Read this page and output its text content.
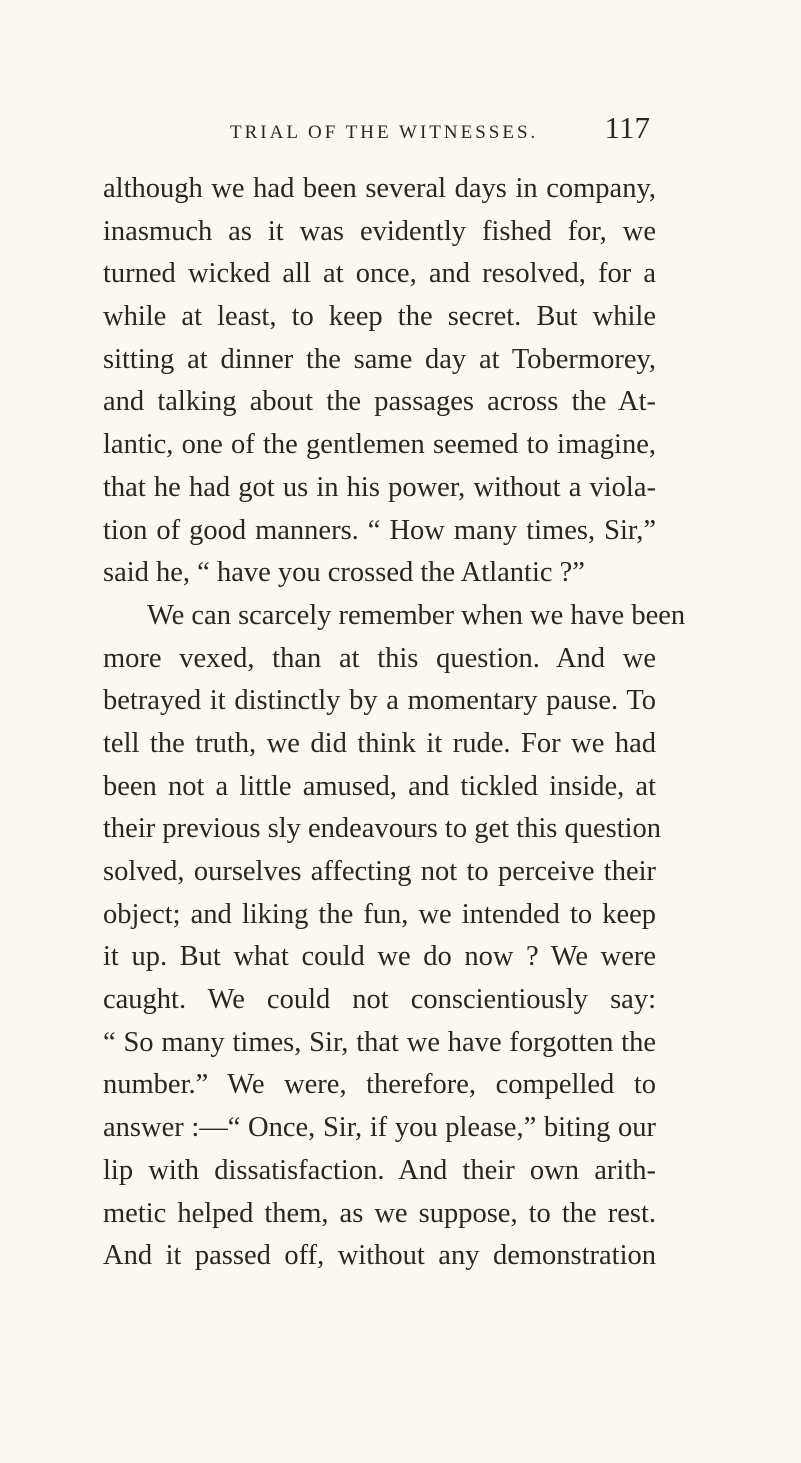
TRIAL OF THE WITNESSES. 117
although we had been several days in company,
inasmuch as it was evidently fished for, we
turned wicked all at once, and resolved, for a
while at least, to keep the secret. But while
sitting at dinner the same day at Tobermorey,
and talking about the passages across the At-
lantic, one of the gentlemen seemed to imagine,
that he had got us in his power, without a viola-
tion of good manners. “ How many times, Sir,”
said he, “ have you crossed the Atlantic ?”
We can scarcely remember when we have been
more vexed, than at this question. And we
betrayed it distinctly by a momentary pause. To
tell the truth, we did think it rude. For we had
been not a little amused, and tickled inside, at
their previous sly endeavours to get this question
solved, ourselves affecting not to perceive their
object; and liking the fun, we intended to keep
it up. But what could we do now ? We were
caught. We could not conscientiously say:
“ So many times, Sir, that we have forgotten the
number.” We were, therefore, compelled to
answer :—“ Once, Sir, if you please,” biting our
lip with dissatisfaction. And their own arith-
metic helped them, as we suppose, to the rest.
And it passed off, without any demonstration
